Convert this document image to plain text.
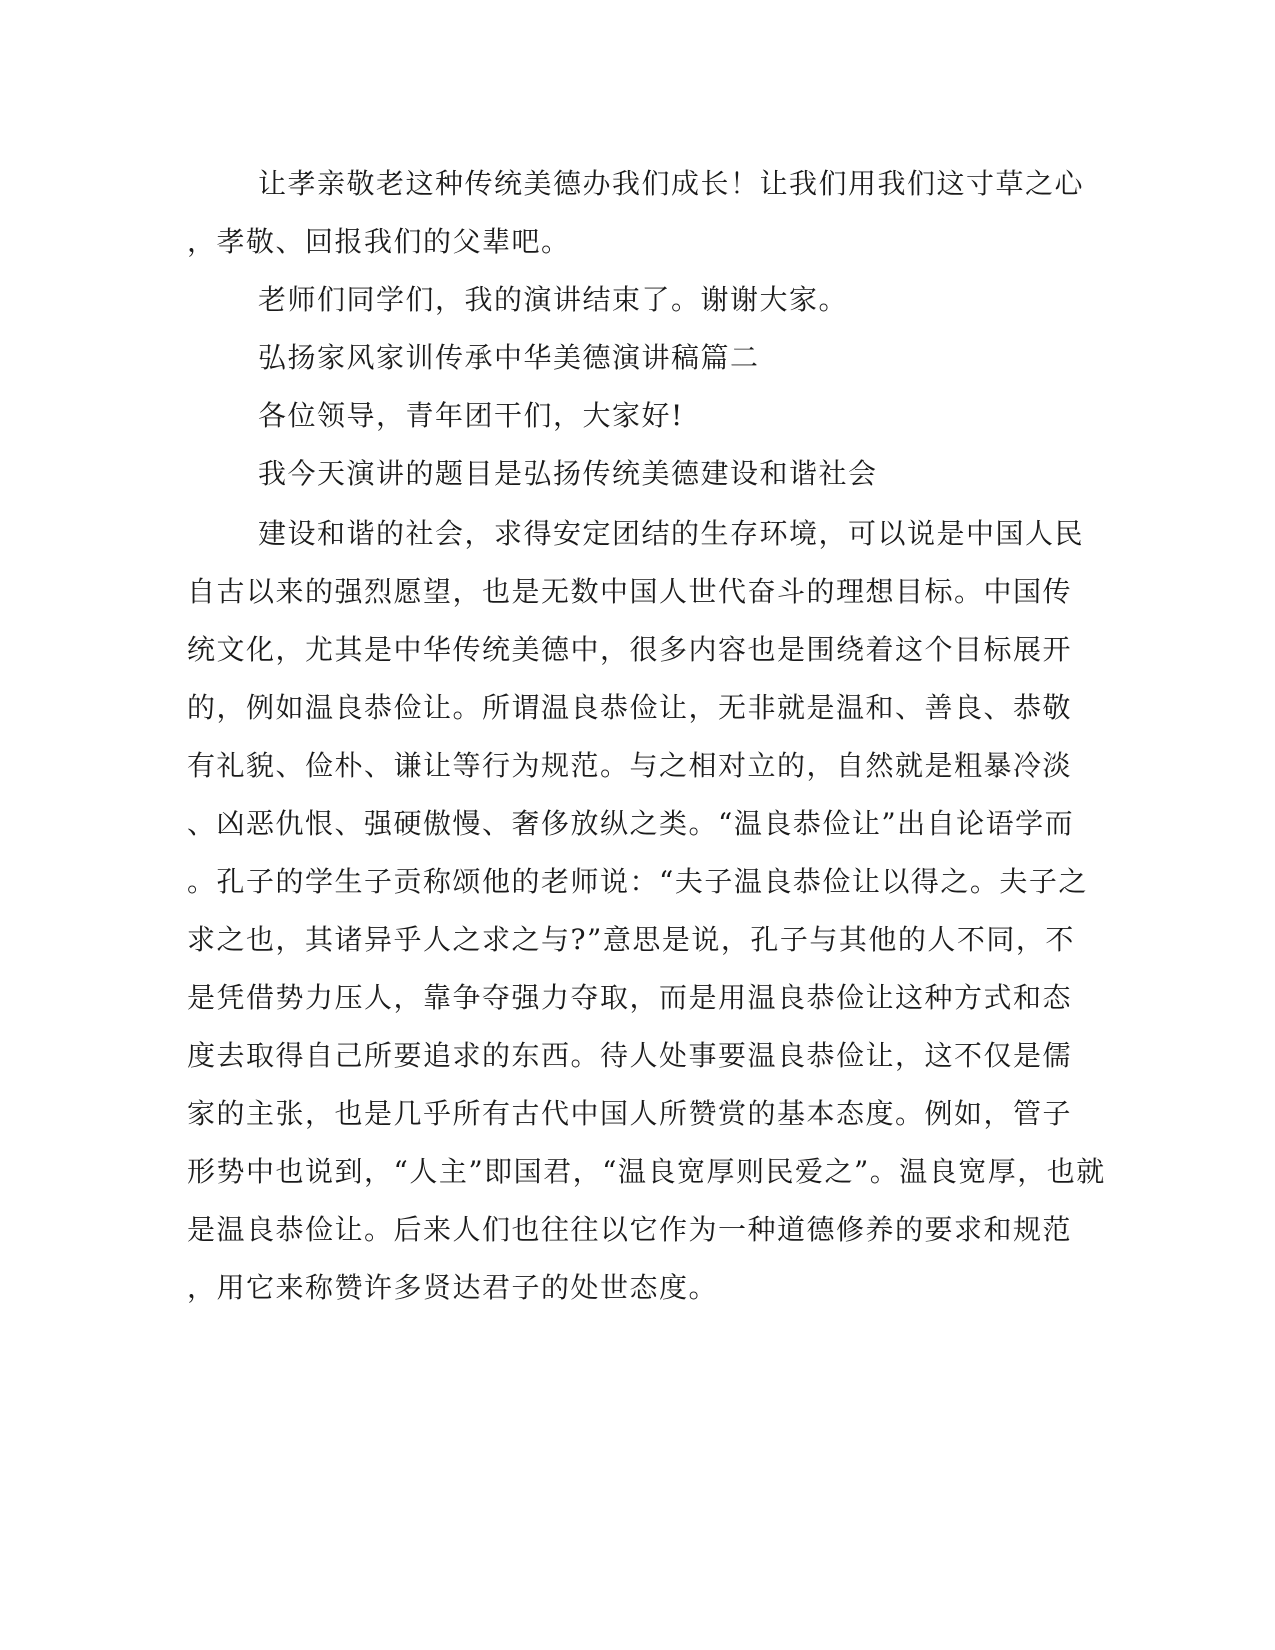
让孝亲敬老这种传统美德办我们成长！让我们用我们这寸草之心
，孝敬、回报我们的父辈吧。
老师们同学们，我的演讲结束了。谢谢大家。
弘扬家风家训传承中华美德演讲稿篇二
各位领导，青年团干们，大家好!
我今天演讲的题目是弘扬传统美德建设和谐社会
建设和谐的社会，求得安定团结的生存环境，可以说是中国人民
自古以来的强烈愿望，也是无数中国人世代奋斗的理想目标。中国传
统文化，尤其是中华传统美德中，很多内容也是围绕着这个目标展开
的，例如温良恭俭让。所谓温良恭俭让，无非就是温和、善良、恭敬
有礼貌、俭朴、谦让等行为规范。与之相对立的，自然就是粗暴冷淡
、凶恶仇恨、强硬傲慢、奢侈放纵之类。“温良恭俭让”出自论语学而
。孔子的学生子贡称颂他的老师说：“夫子温良恭俭让以得之。夫子之
求之也，其诸异乎人之求之与?”意思是说，孔子与其他的人不同，不
是凭借势力压人，靠争夺强力夺取，而是用温良恭俭让这种方式和态
度去取得自己所要追求的东西。待人处事要温良恭俭让，这不仅是儒
家的主张，也是几乎所有古代中国人所赞赏的基本态度。例如，管子
形势中也说到，“人主”即国君，“温良宽厚则民爱之”。温良宽厚，也就
是温良恭俭让。后来人们也往往以它作为一种道德修养的要求和规范
，用它来称赞许多贤达君子的处世态度。
